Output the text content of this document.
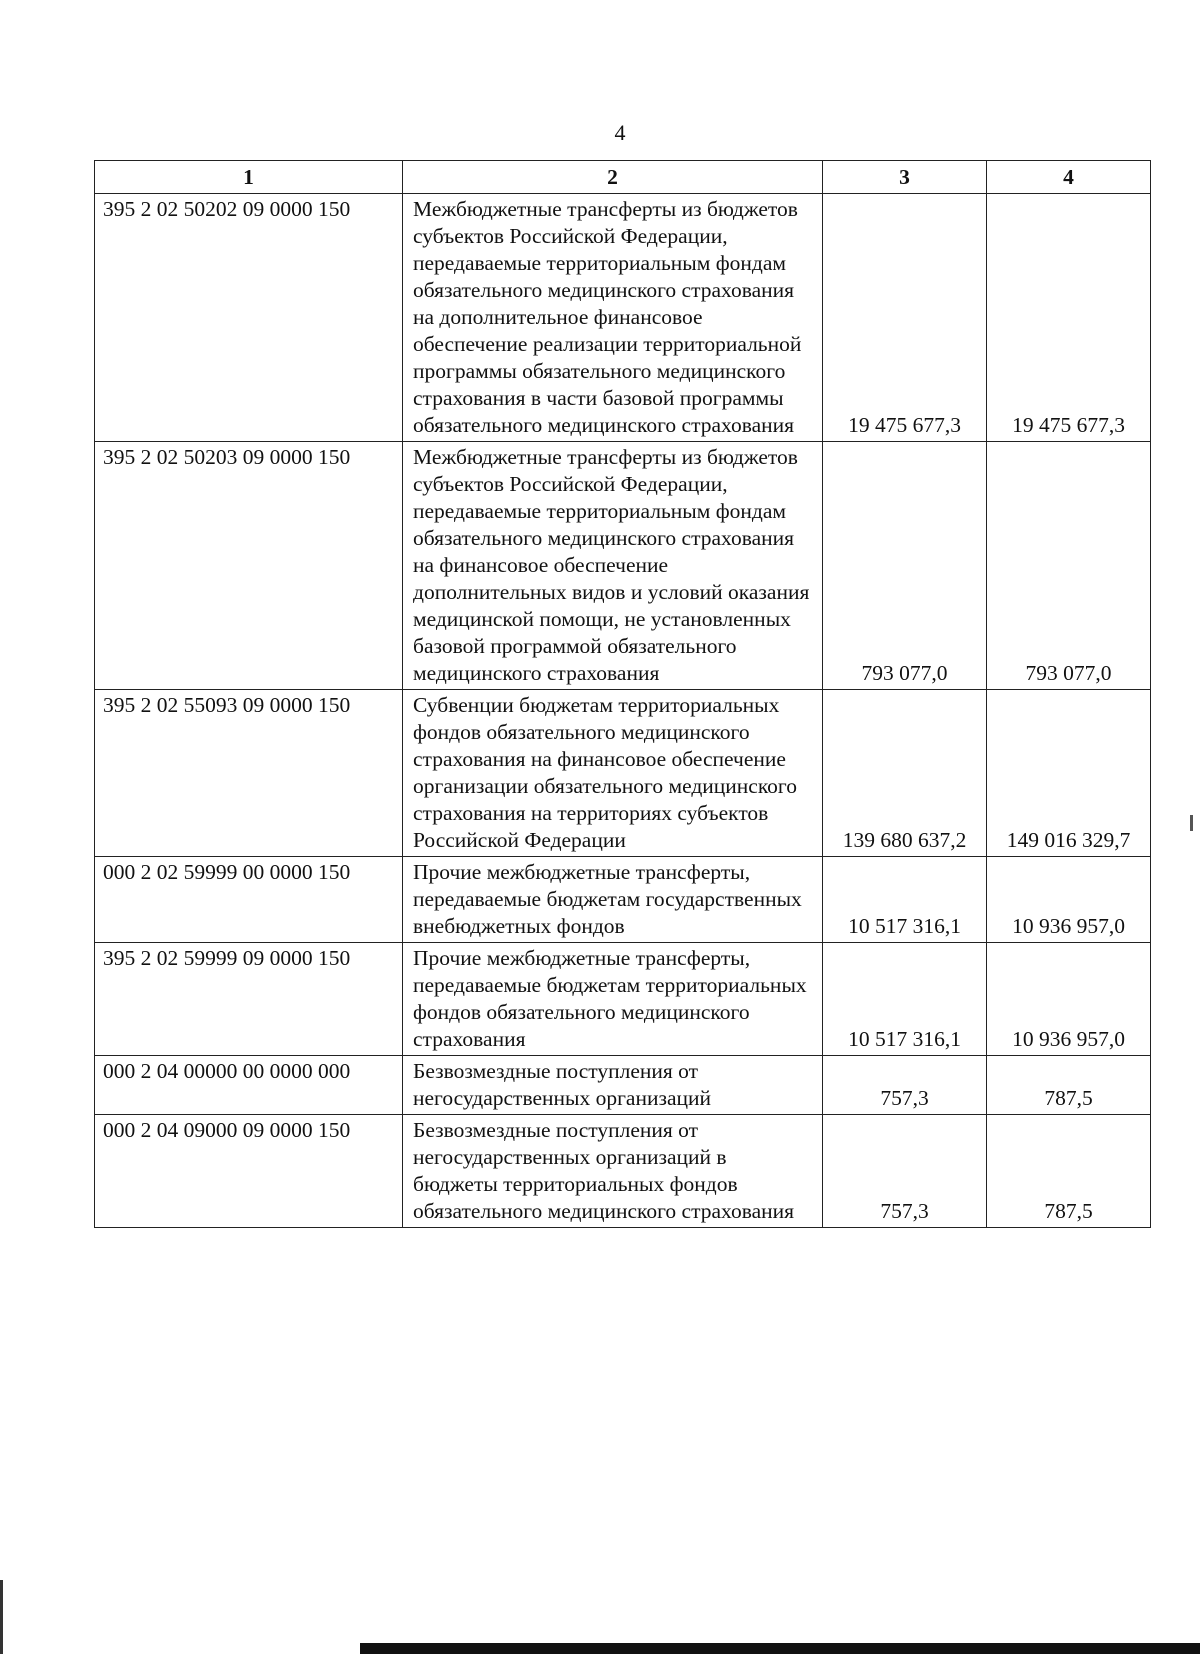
4
1	2	3	4
395 2 02 50202 09 0000 150	Межбюджетные трансферты из бюджетов субъектов Российской Федерации, передаваемые территориальным фондам обязательного медицинского страхования на дополнительное финансовое обеспечение реализации территориальной программы обязательного медицинского страхования в части базовой программы обязательного медицинского страхования	19 475 677,3	19 475 677,3
395 2 02 50203 09 0000 150	Межбюджетные трансферты из бюджетов субъектов Российской Федерации, передаваемые территориальным фондам обязательного медицинского страхования на финансовое обеспечение дополнительных видов и условий оказания медицинской помощи, не установленных базовой программой обязательного медицинского страхования	793 077,0	793 077,0
395 2 02 55093 09 0000 150	Субвенции бюджетам территориальных фондов обязательного медицинского страхования на финансовое обеспечение организации обязательного медицинского страхования на территориях субъектов Российской Федерации	139 680 637,2	149 016 329,7
000 2 02 59999 00 0000 150	Прочие межбюджетные трансферты, передаваемые бюджетам государственных внебюджетных фондов	10 517 316,1	10 936 957,0
395 2 02 59999 09 0000 150	Прочие межбюджетные трансферты, передаваемые бюджетам территориальных фондов обязательного медицинского страхования	10 517 316,1	10 936 957,0
000 2 04 00000 00 0000 000	Безвозмездные поступления от негосударственных организаций	757,3	787,5
000 2 04 09000 09 0000 150	Безвозмездные поступления от негосударственных организаций в бюджеты территориальных фондов обязательного медицинского страхования	757,3	787,5
